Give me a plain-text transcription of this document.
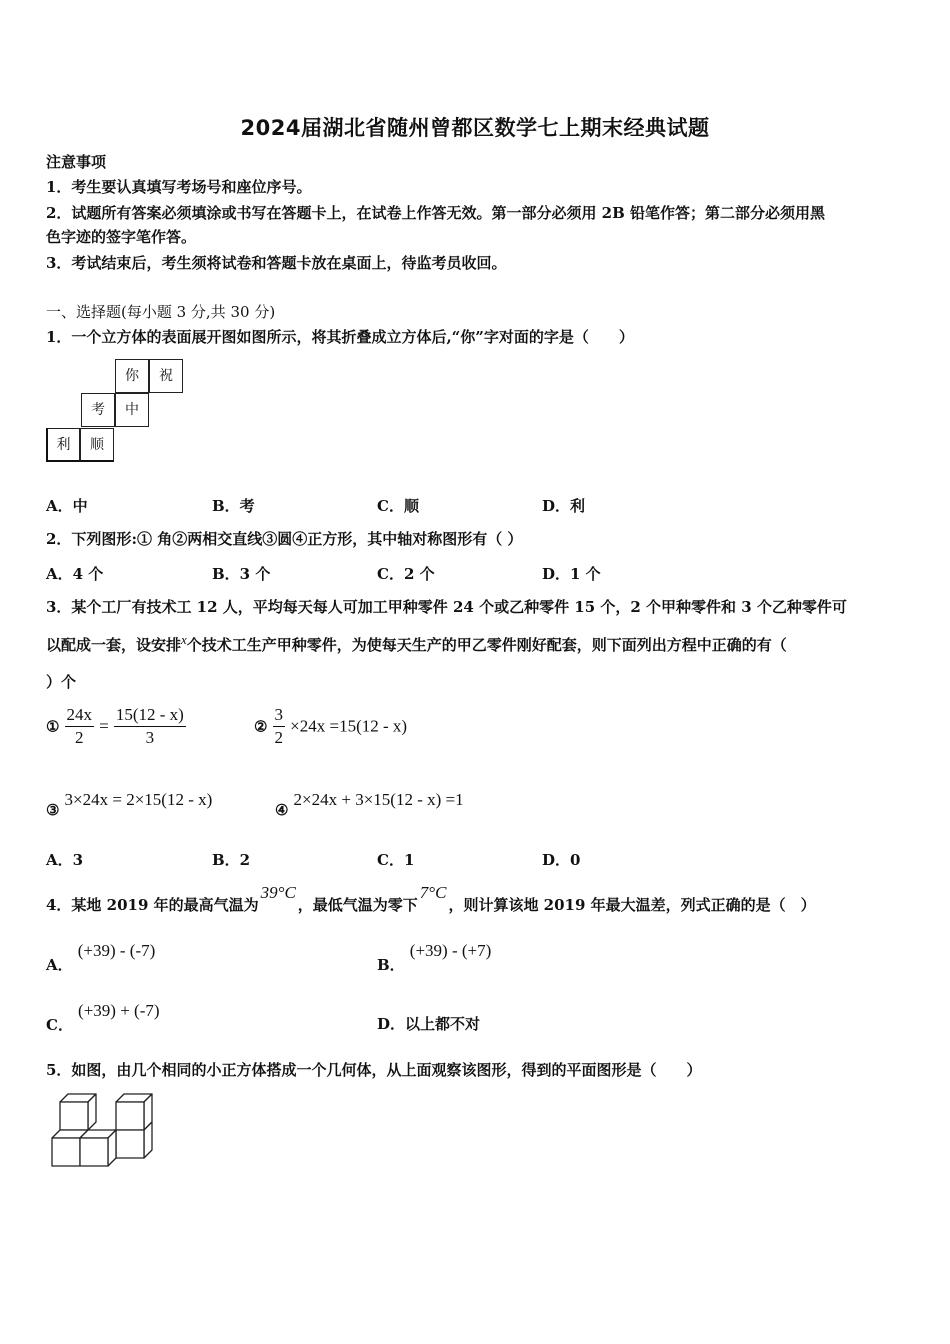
2024届湖北省随州曾都区数学七上期末经典试题
注意事项
1．考生要认真填写考场号和座位序号。
2．试题所有答案必须填涂或书写在答题卡上，在试卷上作答无效。第一部分必须用 2B 铅笔作答；第二部分必须用黑
色字迹的签字笔作答。
3．考试结束后，考生须将试卷和答题卡放在桌面上，待监考员收回。
一、选择题(每小题 3 分,共 30 分)
1．一个立方体的表面展开图如图所示，将其折叠成立方体后,“你”字对面的字是（　　）
你	祝
考	中
利	顺
A．中	B．考	C．顺	D．利
2．下列图形:① 角②两相交直线③圆④正方形，其中轴对称图形有（ ）
A．4 个	B．3 个	C．2 个	D．1 个
3．某个工厂有技术工 12 人，平均每天每人可加工甲种零件 24 个或乙种零件 15 个，2 个甲种零件和 3 个乙种零件可
以配成一套，设安排x个技术工生产甲种零件，为使每天生产的甲乙零件刚好配套，则下面列出方程中正确的有（
）个
① $\frac{24x}{2} = \frac{15(12 - x)}{3}$	② $\frac{3}{2} \times 24x =15(12 - x)$
③ 3×24x = 2×15(12 - x)
④ 2×24x + 3×15(12 - x) =1
A．3	B．2	C．1	D．0
4．某地 2019 年的最高气温为39°C，最低气温为零下7°C，则计算该地 2019 年最大温差，列式正确的是（　）
A． (+39) - (-7)
B． (+39) - (+7)
C． (+39) + (-7)
D．以上都不对
5．如图，由几个相同的小正方体搭成一个几何体，从上面观察该图形，得到的平面图形是（　　）
